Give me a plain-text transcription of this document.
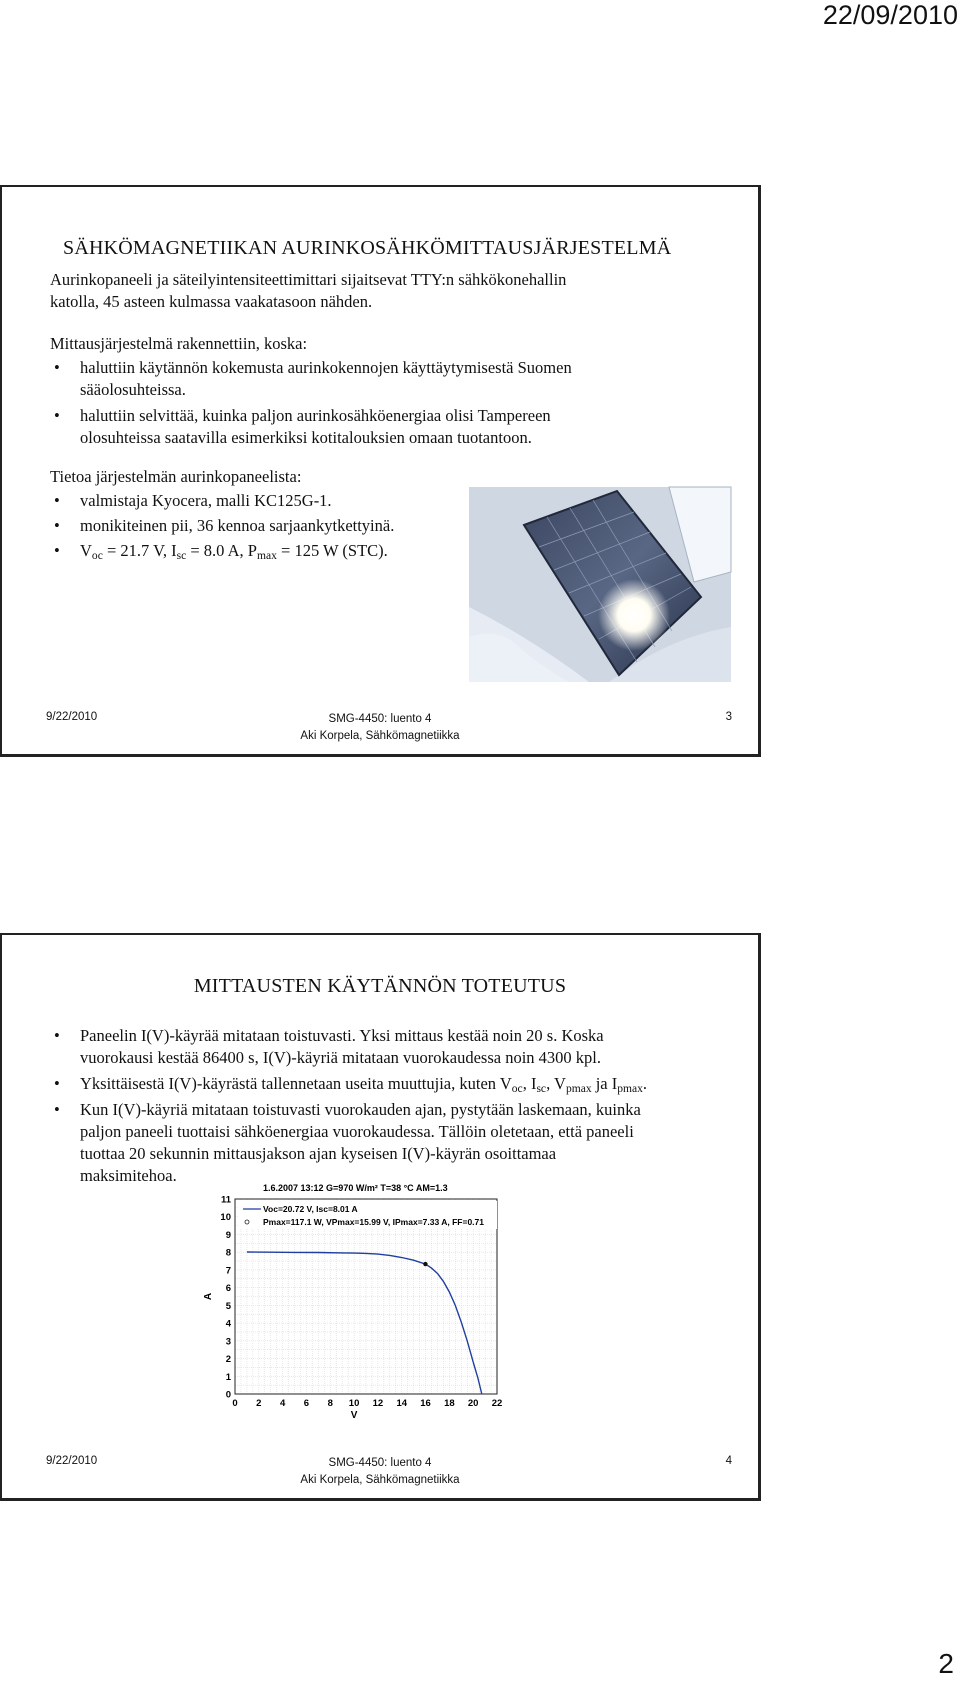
22/09/2010
SÄHKÖMAGNETIIKAN AURINKOSÄHKÖMITTAUSJÄRJESTELMÄ
Aurinkopaneeli ja säteilyintensiteettimittari sijaitsevat TTY:n sähkökonehallin
katolla, 45 asteen kulmassa vaakatasoon nähden.
Mittausjärjestelmä rakennettiin, koska:
• haluttiin käytännön kokemusta aurinkokennojen käyttäytymisestä Suomen
sääolosuhteissa.
• haluttiin selvittää, kuinka paljon aurinkosähköenergiaa olisi Tampereen
olosuhteissa saatavilla esimerkiksi kotitalouksien omaan tuotantoon.
Tietoa järjestelmän aurinkopaneelista:
• valmistaja Kyocera, malli KC125G-1.
• monikiteinen pii, 36 kennoa sarjaankytkettyinä.
• $V_{oc} = 21.7$ V, $I_{sc} = 8.0$ A, $P_{max} = 125$ W (STC).
9/22/2010	SMG-4450: luento 4
Aki Korpela, Sähkömagnetiikka
3
MITTAUSTEN KÄYTÄNNÖN TOTEUTUS
• Paneelin I(V)-käyrää mitataan toistuvasti. Yksi mittaus kestää noin 20 s. Koska
vuorokausi kestää 86400 s, I(V)-käyriä mitataan vuorokaudessa noin 4300 kpl.
• Yksittäisestä I(V)-käyrästä tallennetaan useita muuttujia, kuten $V_{oc}$, $I_{sc}$, $V_{pmax}$ ja $I_{pmax}$.
• Kun I(V)-käyriä mitataan toistuvasti vuorokauden ajan, pystytään laskemaan, kuinka
paljon paneeli tuottaisi sähköenergiaa vuorokaudessa. Tällöin oletetaan, että paneeli
tuottaa 20 sekunnin mittausjakson ajan kyseisen I(V)-käyrän osoittamaa
maksimitehoa.
0 2 4 6 8 10 12 14 16 18 20 22
0
1
2
3
4
5
6
7
8
9
10
11
V
A
1.6.2007 13:12 G=970 W/m² T=38 °C AM=1.3
Voc=20.72 V, Isc=8.01 A
Pmax=117.1 W, VPmax=15.99 V, IPmax=7.33 A, FF=0.71
9/22/2010	SMG-4450: luento 4
Aki Korpela, Sähkömagnetiikka
4
2
